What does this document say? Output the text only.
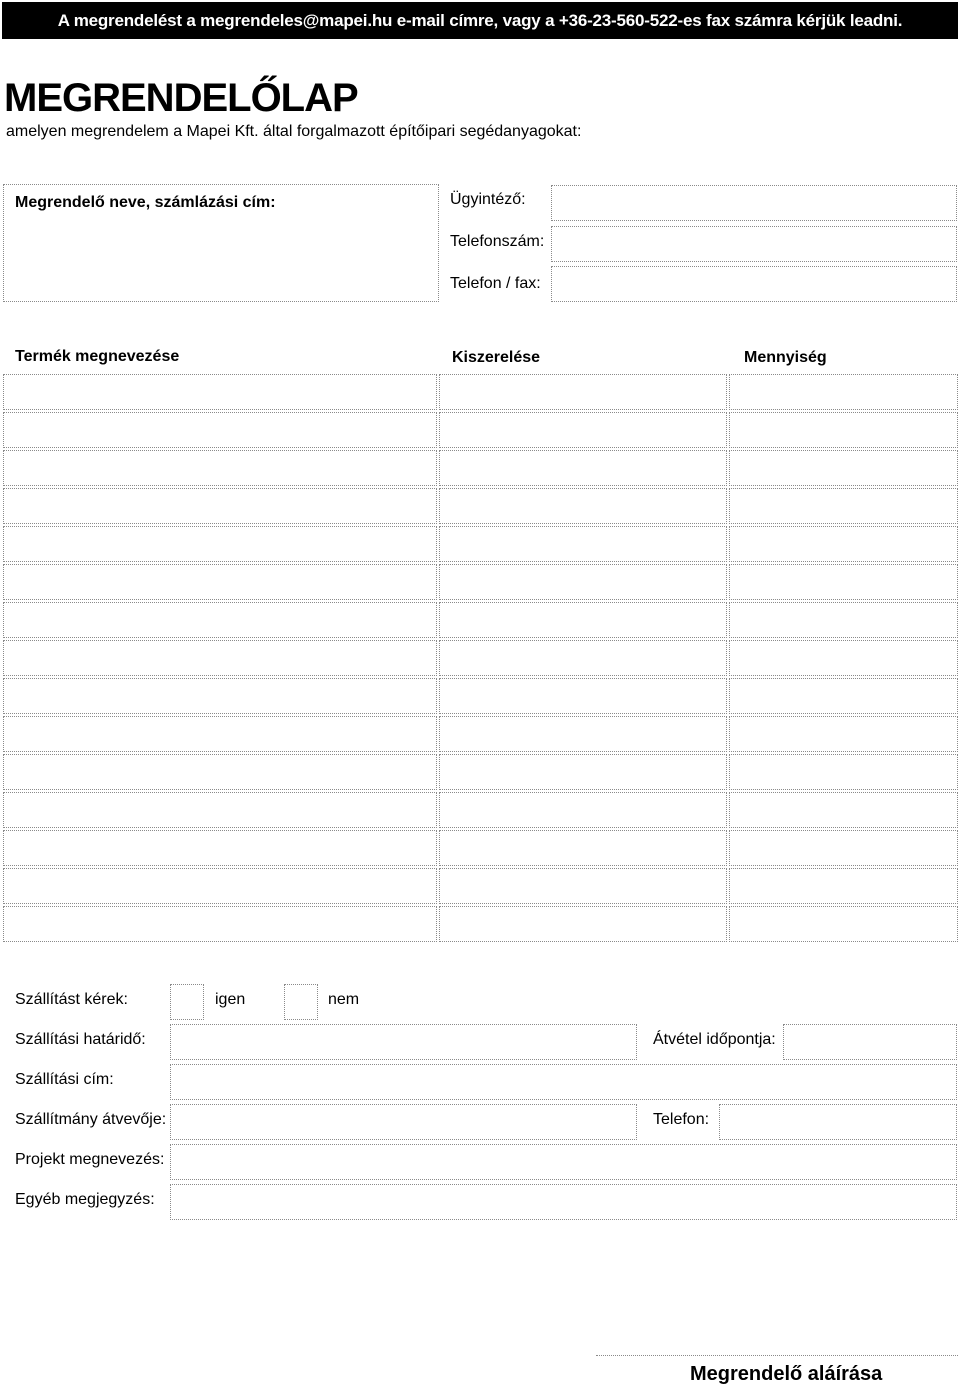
A megrendelést a megrendeles@mapei.hu e-mail címre, vagy a +36-23-560-522-es fax számra kérjük leadni.
MEGRENDELŐLAP
amelyen megrendelem a Mapei Kft. által forgalmazott építőipari segédanyagokat:
Megrendelő neve, számlázási cím:	Ügyintéző:
Telefonszám:
Telefon / fax:
Termék megnevezése	Kiszerelése	Mennyiség
Szállítást kérek:	igen	nem
Szállítási határidő:	Átvétel időpontja:
Szállítási cím:
Szállítmány átvevője:	Telefon:
Projekt megnevezés:
Egyéb megjegyzés:
Megrendelő aláírása
